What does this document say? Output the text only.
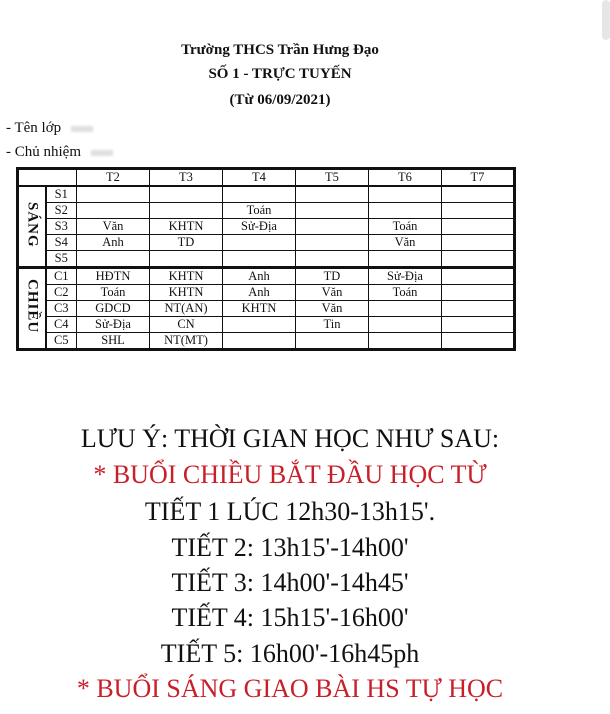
Trường THCS Trần Hưng Đạo
SỐ 1 - TRỰC TUYẾN
(Từ 06/09/2021)
- Tên lớp
- Chủ nhiệm
		T2	T3	T4	T5	T6	T7
SÁNG	S1						
	S2			Toán			
	S3	Văn	KHTN	Sử-Địa		Toán	
	S4	Anh	TD			Văn	
	S5						
CHIỀU	C1	HĐTN	KHTN	Anh	TD	Sử-Địa	
	C2	Toán	KHTN	Anh	Văn	Toán	
	C3	GDCD	NT(AN)	KHTN	Văn		
	C4	Sử-Địa	CN		Tin		
	C5	SHL	NT(MT)				
LƯU Ý: THỜI GIAN HỌC NHƯ SAU:
* BUỔI CHIỀU BẮT ĐẦU HỌC TỪ
TIẾT 1 LÚC 12h30-13h15'.
TIẾT 2: 13h15'-14h00'
TIẾT 3: 14h00'-14h45'
TIẾT 4: 15h15'-16h00'
TIẾT 5: 16h00'-16h45ph
* BUỔI SÁNG GIAO BÀI HS TỰ HỌC
